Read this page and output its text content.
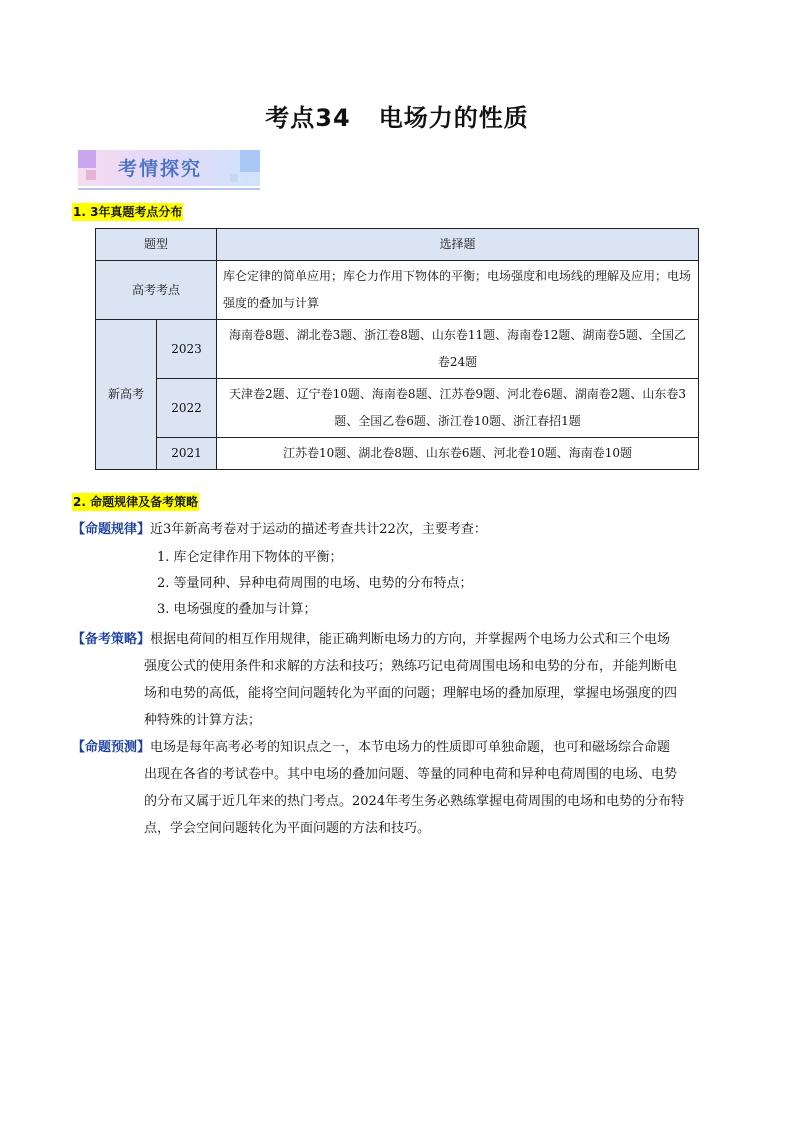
考点34 电场力的性质
考情探究
1. 3年真题考点分布
题型		选择题
高考考点		库仑定律的简单应用；库仑力作用下物体的平衡；电场强度和电场线的理解及应用；电场强度的叠加与计算
新高考	2023	海南卷8题、湖北卷3题、浙江卷8题、山东卷11题、海南卷12题、湖南卷5题、全国乙卷24题
	2022	天津卷2题、辽宁卷10题、海南卷8题、江苏卷9题、河北卷6题、湖南卷2题、山东卷3题、全国乙卷6题、浙江卷10题、浙江春招1题
	2021	江苏卷10题、湖北卷8题、山东卷6题、河北卷10题、海南卷10题
2. 命题规律及备考策略
【命题规律】近3年新高考卷对于运动的描述考查共计22次，主要考查：
1. 库仑定律作用下物体的平衡；
2. 等量同种、异种电荷周围的电场、电势的分布特点；
3. 电场强度的叠加与计算；
【备考策略】根据电荷间的相互作用规律，能正确判断电场力的方向，并掌握两个电场力公式和三个电场
强度公式的使用条件和求解的方法和技巧；熟练巧记电荷周围电场和电势的分布，并能判断电
场和电势的高低，能将空间问题转化为平面的问题；理解电场的叠加原理，掌握电场强度的四
种特殊的计算方法；
【命题预测】电场是每年高考必考的知识点之一，本节电场力的性质即可单独命题，也可和磁场综合命题
出现在各省的考试卷中。其中电场的叠加问题、等量的同种电荷和异种电荷周围的电场、电势
的分布又属于近几年来的热门考点。2024年考生务必熟练掌握电荷周围的电场和电势的分布特
点，学会空间问题转化为平面问题的方法和技巧。
